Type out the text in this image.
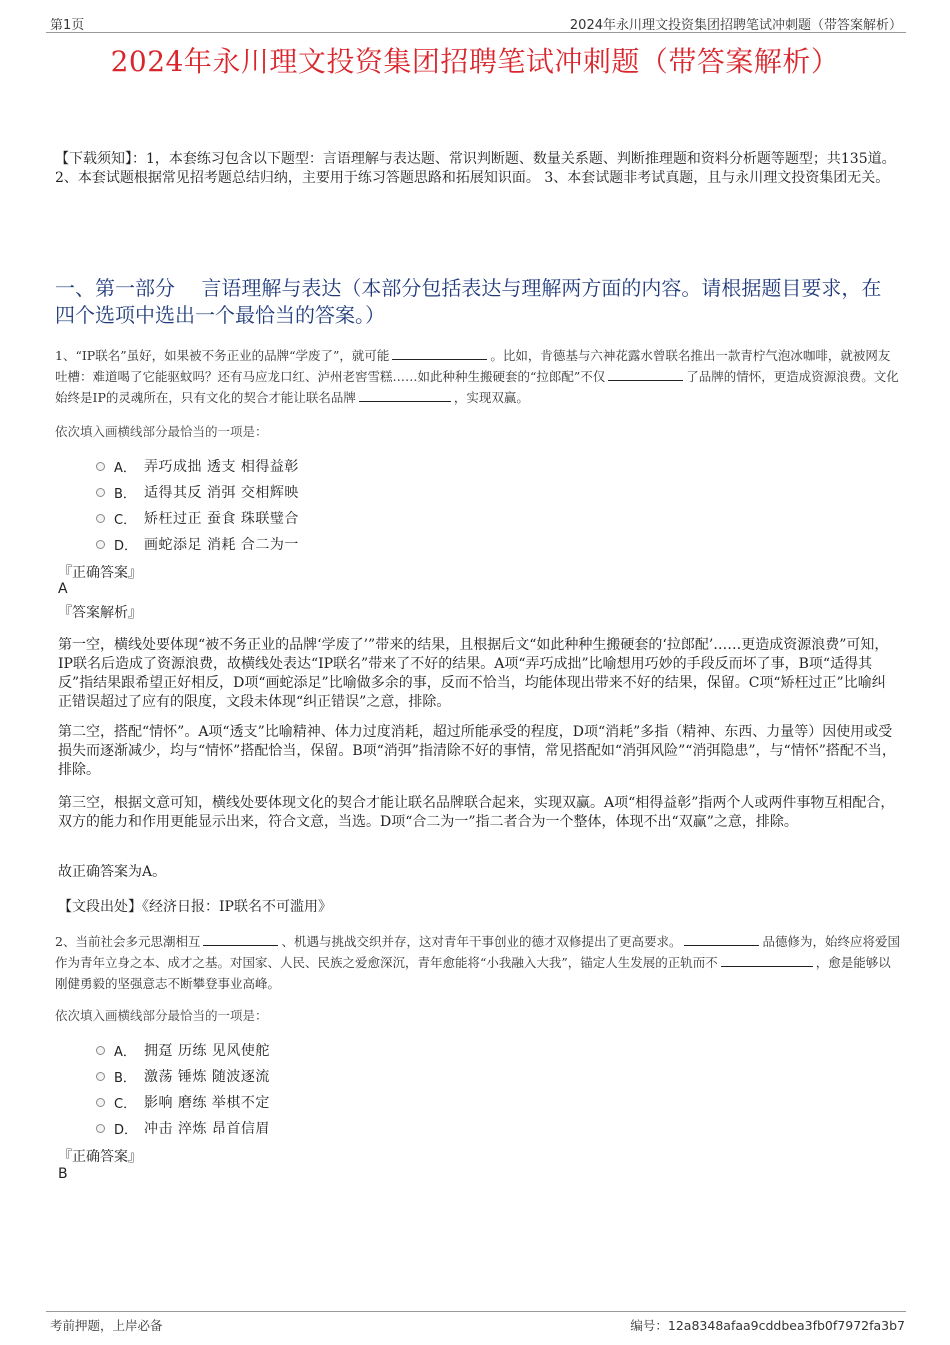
第1页	2024年永川理文投资集团招聘笔试冲刺题（带答案解析）
2024年永川理文投资集团招聘笔试冲刺题（带答案解析）
【下载须知】：1，本套练习包含以下题型：言语理解与表达题、常识判断题、数量关系题、判断推理题和资料分析题等题型；共135道。 2、本套试题根据常见招考题总结归纳，主要用于练习答题思路和拓展知识面。 3、本套试题非考试真题，且与永川理文投资集团无关。
一、第一部分　 言语理解与表达（本部分包括表达与理解两方面的内容。请根据题目要求，在四个选项中选出一个最恰当的答案。）
1、“IP联名”虽好，如果被不务正业的品牌“学废了”，就可能	。比如，肯德基与六神花露水曾联名推出一款青柠气泡冰咖啡，就被网友吐槽：难道喝了它能驱蚊吗？还有马应龙口红、泸州老窖雪糕……如此种种生搬硬套的“拉郎配”不仅	了品牌的情怀，更造成资源浪费。文化始终是IP的灵魂所在，只有文化的契合才能让联名品牌	，实现双赢。
依次填入画横线部分最恰当的一项是：
A． 弄巧成拙 透支 相得益彰
B． 适得其反 消弭 交相辉映
C． 矫枉过正 蚕食 珠联璧合
D． 画蛇添足 消耗 合二为一
『正确答案』
A
『答案解析』
第一空，横线处要体现“被不务正业的品牌‘学废了’”带来的结果，且根据后文“如此种种生搬硬套的‘拉郎配’……更造成资源浪费”可知，IP联名后造成了资源浪费，故横线处表达“IP联名”带来了不好的结果。A项“弄巧成拙”比喻想用巧妙的手段反而坏了事，B项“适得其反”指结果跟希望正好相反，D项“画蛇添足”比喻做多余的事，反而不恰当，均能体现出带来不好的结果，保留。C项“矫枉过正”比喻纠正错误超过了应有的限度，文段未体现“纠正错误”之意，排除。
第二空，搭配“情怀”。A项“透支”比喻精神、体力过度消耗，超过所能承受的程度，D项“消耗”多指（精神、东西、力量等）因使用或受损失而逐渐减少，均与“情怀”搭配恰当，保留。B项“消弭”指清除不好的事情，常见搭配如“消弭风险”“消弭隐患”，与“情怀”搭配不当，排除。
第三空，根据文意可知，横线处要体现文化的契合才能让联名品牌联合起来，实现双赢。A项“相得益彰”指两个人或两件事物互相配合，双方的能力和作用更能显示出来，符合文意，当选。D项“合二为一”指二者合为一个整体，体现不出“双赢”之意，排除。
故正确答案为A。
【文段出处】《经济日报：IP联名不可滥用》
2、当前社会多元思潮相互	、机遇与挑战交织并存，这对青年干事创业的德才双修提出了更高要求。	品德修为，始终应将爱国作为青年立身之本、成才之基。对国家、人民、民族之爱愈深沉，青年愈能将“小我融入大我”，锚定人生发展的正轨而不	，愈是能够以刚健勇毅的坚强意志不断攀登事业高峰。
依次填入画横线部分最恰当的一项是：
A． 拥趸 历练 见风使舵
B． 激荡 锤炼 随波逐流
C． 影响 磨练 举棋不定
D． 冲击 淬炼 昂首信眉
『正确答案』
B
考前押题，上岸必备	编号：12a8348afaa9cddbea3fb0f7972fa3b7
